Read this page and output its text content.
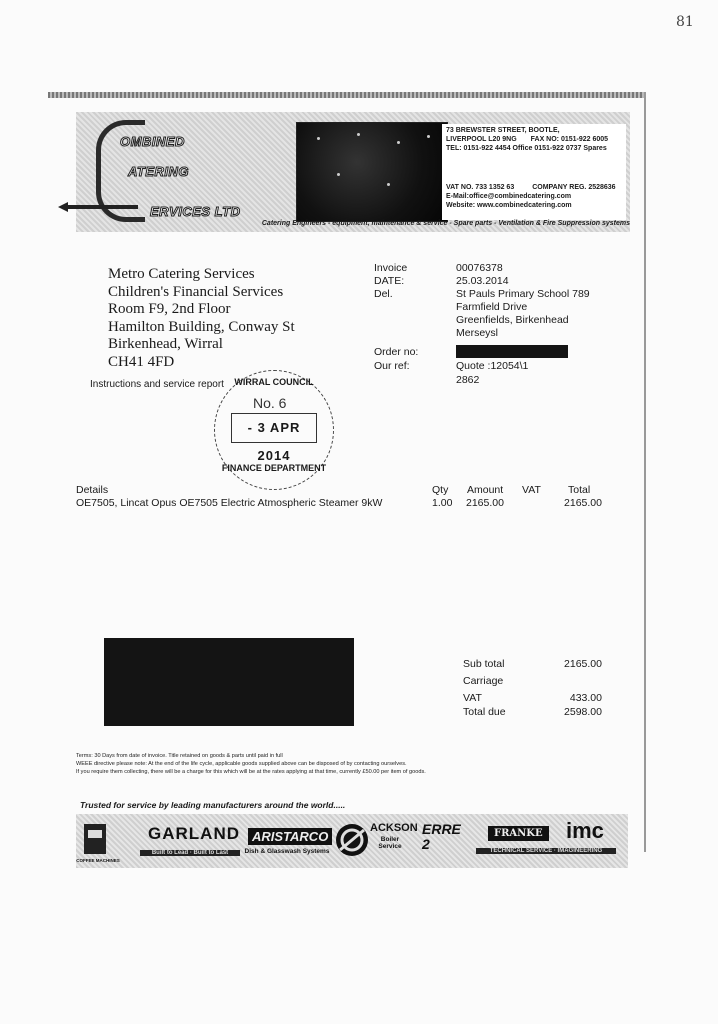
81
OMBINED
ATERING
ERVICES LTD
73 BREWSTER STREET, BOOTLE,
LIVERPOOL L20 9NG FAX NO: 0151-922 6005
TEL: 0151-922 4454 Office 0151-922 0737 Spares
VAT NO. 733 1352 63	COMPANY REG. 2528636
E-Mail:office@combinedcatering.com
Website: www.combinedcatering.com
Catering Engineers - equipment, maintenance & service - Spare parts - Ventilation & Fire Suppression systems
Metro Catering Services
Children's Financial Services
Room F9, 2nd Floor
Hamilton Building, Conway St
Birkenhead, Wirral
CH41 4FD
Invoice	00076378
DATE:	25.03.2014
Del.	St Pauls Primary School 789
Farmfield Drive
Greenfields, Birkenhead
Merseysl
Order no:
Our ref:	Quote :12054\1
2862
Instructions and service report	WIRRAL COUNCIL
No. 6
- 3 APR 2014
FINANCE DEPARTMENT
Details	Qty Amount VAT	Total
OE7505, Lincat Opus OE7505 Electric Atmospheric Steamer 9kW	1.00 2165.00	2165.00
Sub total	2165.00
Carriage
VAT	433.00
Total due	2598.00
Terms: 30 Days from date of invoice. Title retained on goods & parts until paid in full
WEEE directive please note: At the end of the life cycle, applicable goods supplied above can be disposed of by contacting ourselves.
If you require them collecting, there will be a charge for this which will be at the rates applying at that time, currently £50.00 per item of goods.
Trusted for service by leading manufacturers around the world.....
COFFEE MACHINES
GARLAND
Built to Lead · Built to Last
ARISTARCO
Dish & Glasswash Systems
ACKSON
Boiler Service
ERRE 2
FRANKE imc
TECHNICAL SERVICE · IMAGINEERING
